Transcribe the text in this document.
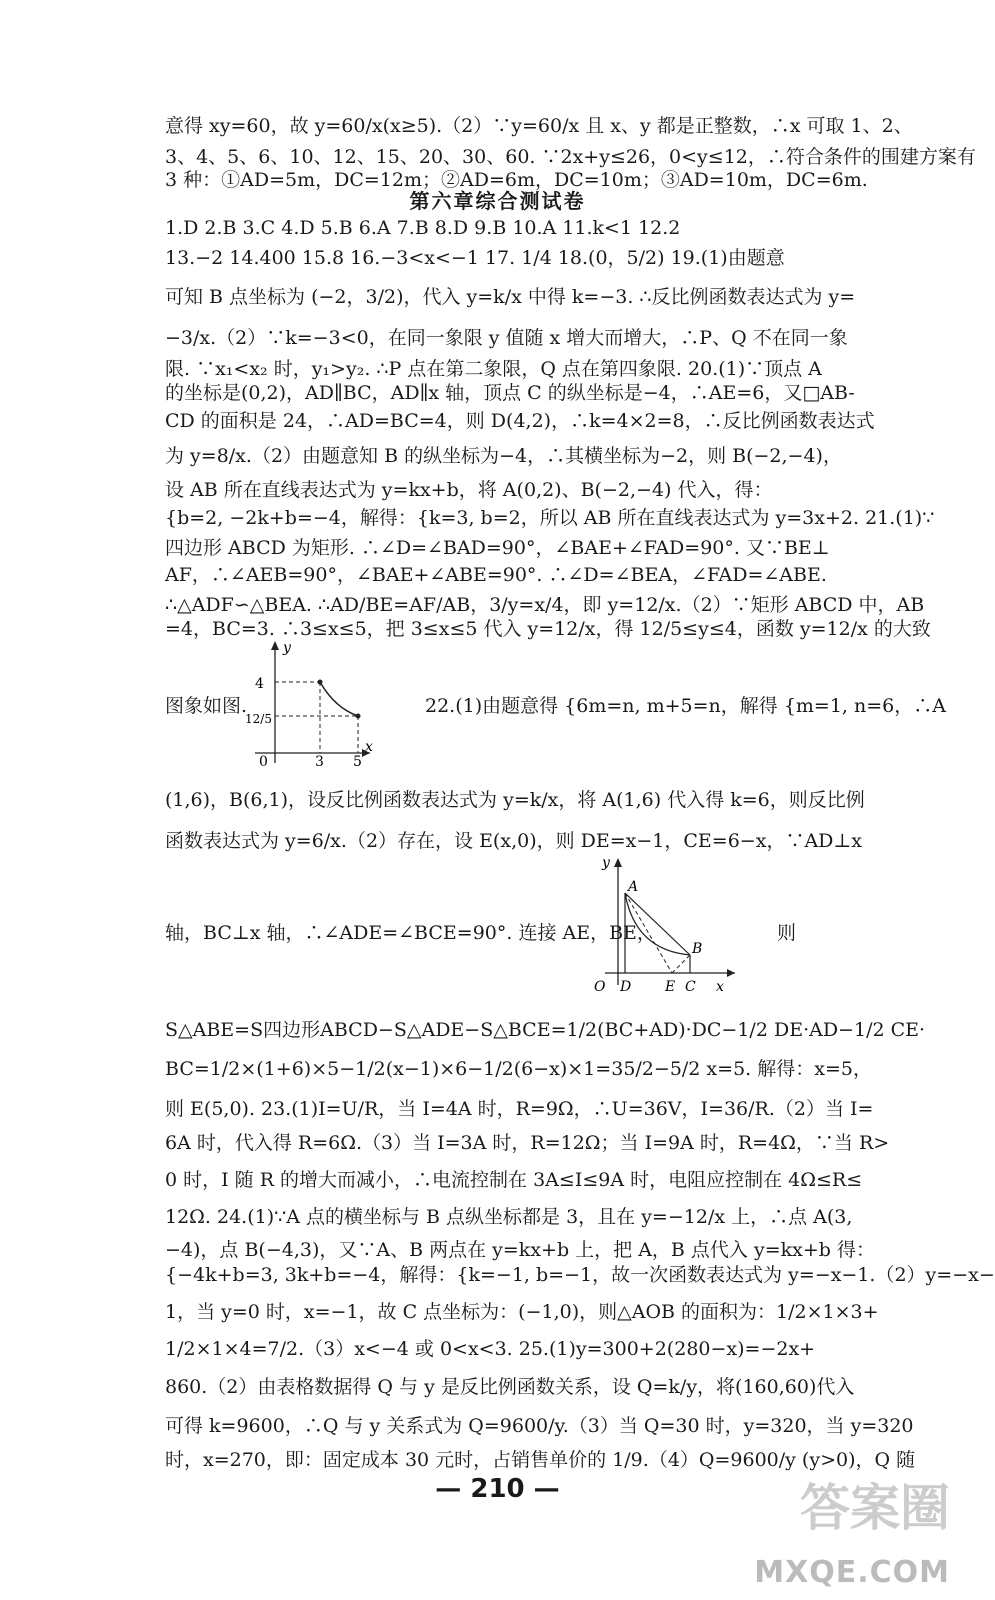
意得 xy=60，故 y=60/x(x≥5).（2）∵y=60/x 且 x、y 都是正整数，∴x 可取 1、2、
3、4、5、6、10、12、15、20、30、60. ∵2x+y≤26，0<y≤12，∴符合条件的围建方案有
3 种：①AD=5m，DC=12m；②AD=6m，DC=10m；③AD=10m，DC=6m.
第六章综合测试卷
1.D 2.B 3.C 4.D 5.B 6.A 7.B 8.D 9.B 10.A 11.k<1 12.2
13.−2 14.400 15.8 16.−3<x<−1 17. 1/4 18.(0，5/2) 19.(1)由题意
可知 B 点坐标为 (−2，3/2)，代入 y=k/x 中得 k=−3. ∴反比例函数表达式为 y=
−3/x.（2）∵k=−3<0，在同一象限 y 值随 x 增大而增大，∴P、Q 不在同一象
限. ∵x₁<x₂ 时，y₁>y₂. ∴P 点在第二象限，Q 点在第四象限. 20.(1)∵顶点 A
的坐标是(0,2)，AD∥BC，AD∥x 轴，顶点 C 的纵坐标是−4，∴AE=6，又□AB-
CD 的面积是 24，∴AD=BC=4，则 D(4,2)，∴k=4×2=8，∴反比例函数表达式
为 y=8/x.（2）由题意知 B 的纵坐标为−4，∴其横坐标为−2，则 B(−2,−4)，
设 AB 所在直线表达式为 y=kx+b，将 A(0,2)、B(−2,−4) 代入，得：
{b=2, −2k+b=−4，解得：{k=3, b=2，所以 AB 所在直线表达式为 y=3x+2. 21.(1)∵
四边形 ABCD 为矩形. ∴∠D=∠BAD=90°，∠BAE+∠FAD=90°. 又∵BE⊥
AF，∴∠AEB=90°，∠BAE+∠ABE=90°. ∴∠D=∠BEA，∠FAD=∠ABE.
∴△ADF∽△BEA. ∴AD/BE=AF/AB，3/y=x/4，即 y=12/x.（2）∵矩形 ABCD 中，AB
=4，BC=3. ∴3≤x≤5，把 3≤x≤5 代入 y=12/x，得 12/5≤y≤4，函数 y=12/x 的大致
y
x
0
4
12/5
3 5
图象如图.	22.(1)由题意得 {6m=n, m+5=n，解得 {m=1, n=6，∴A
(1,6)，B(6,1)，设反比例函数表达式为 y=k/x，将 A(1,6) 代入得 k=6，则反比例
函数表达式为 y=6/x.（2）存在，设 E(x,0)，则 DE=x−1，CE=6−x，∵AD⊥x
y
x
A
B
O D E C
轴，BC⊥x 轴，∴∠ADE=∠BCE=90°. 连接 AE，BE，	则
S△ABE=S四边形ABCD−S△ADE−S△BCE=1/2(BC+AD)·DC−1/2 DE·AD−1/2 CE·
BC=1/2×(1+6)×5−1/2(x−1)×6−1/2(6−x)×1=35/2−5/2 x=5. 解得：x=5，
则 E(5,0). 23.(1)I=U/R，当 I=4A 时，R=9Ω，∴U=36V，I=36/R.（2）当 I=
6A 时，代入得 R=6Ω.（3）当 I=3A 时，R=12Ω；当 I=9A 时，R=4Ω，∵当 R>
0 时，I 随 R 的增大而减小，∴电流控制在 3A≤I≤9A 时，电阻应控制在 4Ω≤R≤
12Ω. 24.(1)∵A 点的横坐标与 B 点纵坐标都是 3，且在 y=−12/x 上，∴点 A(3,
−4)，点 B(−4,3)，又∵A、B 两点在 y=kx+b 上，把 A，B 点代入 y=kx+b 得：
{−4k+b=3, 3k+b=−4，解得：{k=−1, b=−1，故一次函数表达式为 y=−x−1.（2）y=−x−
1，当 y=0 时，x=−1，故 C 点坐标为：(−1,0)，则△AOB 的面积为：1/2×1×3+
1/2×1×4=7/2.（3）x<−4 或 0<x<3. 25.(1)y=300+2(280−x)=−2x+
860.（2）由表格数据得 Q 与 y 是反比例函数关系，设 Q=k/y，将(160,60)代入
可得 k=9600，∴Q 与 y 关系式为 Q=9600/y.（3）当 Q=30 时，y=320，当 y=320
时，x=270，即：固定成本 30 元时，占销售单价的 1/9.（4）Q=9600/y (y>0)，Q 随
— 210 —	答案圈
MXQE.COM
